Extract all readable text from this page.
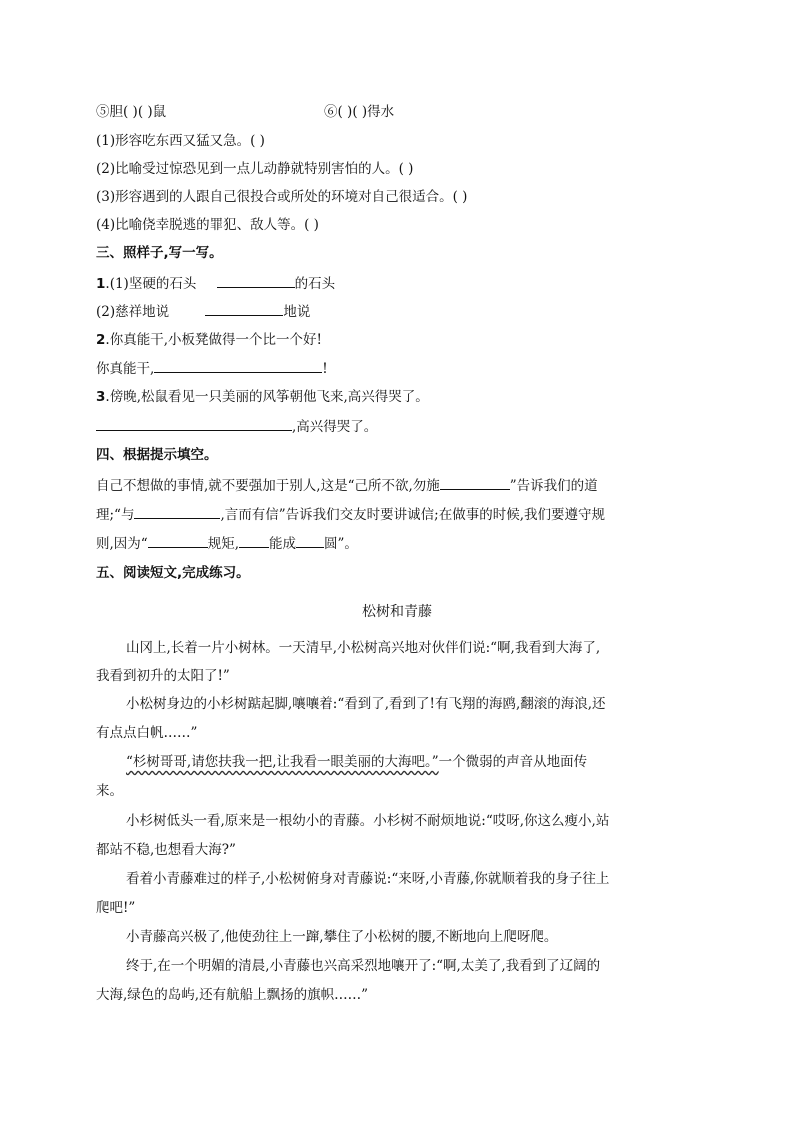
⑤胆( )( )鼠	⑥( )( )得水
(1)形容吃东西又猛又急。( )
(2)比喻受过惊恐见到一点儿动静就特别害怕的人。( )
(3)形容遇到的人跟自己很投合或所处的环境对自己很适合。( )
(4)比喻侥幸脱逃的罪犯、敌人等。( )
三、照样子,写一写。
1.(1)坚硬的石头	的石头
(2)慈祥地说	地说
2.你真能干,小板凳做得一个比一个好!
你真能干,	!
3.傍晚,松鼠看见一只美丽的风筝朝他飞来,高兴得哭了。
,高兴得哭了。
四、根据提示填空。
自己不想做的事情,就不要强加于别人,这是“己所不欲,勿施	”告诉我们的道
理;“与	,言而有信”告诉我们交友时要讲诚信;在做事的时候,我们要遵守规
则,因为“	规矩, 能成 圆”。
五、阅读短文,完成练习。
松树和青藤
山冈上,长着一片小树林。一天清早,小松树高兴地对伙伴们说:“啊,我看到大海了,
我看到初升的太阳了!”
小松树身边的小杉树踮起脚,嚷嚷着:“看到了,看到了!有飞翔的海鸥,翻滚的海浪,还
有点点白帆……”
“杉树哥哥,请您扶我一把,让我看一眼美丽的大海吧。”一个微弱的声音从地面传
来。
小杉树低头一看,原来是一根幼小的青藤。小杉树不耐烦地说:“哎呀,你这么瘦小,站
都站不稳,也想看大海?”
看着小青藤难过的样子,小松树俯身对青藤说:“来呀,小青藤,你就顺着我的身子往上
爬吧!”
小青藤高兴极了,他使劲往上一蹿,攀住了小松树的腰,不断地向上爬呀爬。
终于,在一个明媚的清晨,小青藤也兴高采烈地嚷开了:“啊,太美了,我看到了辽阔的
大海,绿色的岛屿,还有航船上飘扬的旗帜……”
